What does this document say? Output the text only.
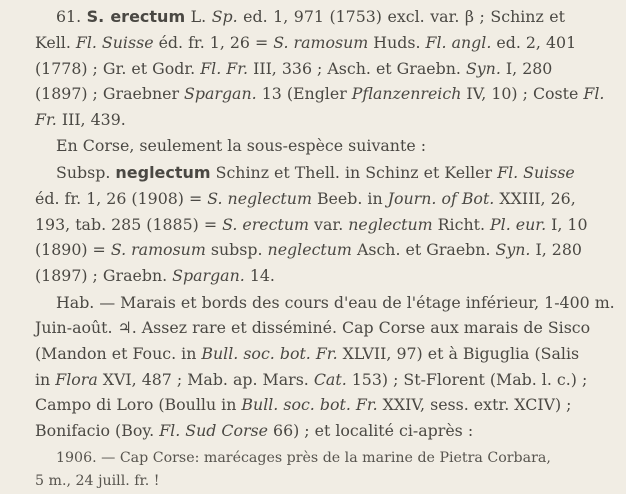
61. S. erectum L. Sp. ed. 1, 971 (1753) excl. var. β ; Schinz et
Kell. Fl. Suisse éd. fr. 1, 26 = S. ramosum Huds. Fl. angl. ed. 2, 401
(1778) ; Gr. et Godr. Fl. Fr. III, 336 ; Asch. et Graebn. Syn. I, 280
(1897) ; Graebner Spargan. 13 (Engler Pflanzenreich IV, 10) ; Coste Fl.
Fr. III, 439.
En Corse, seulement la sous-espèce suivante :
Subsp. neglectum Schinz et Thell. in Schinz et Keller Fl. Suisse
éd. fr. 1, 26 (1908) = S. neglectum Beeb. in Journ. of Bot. XXIII, 26,
193, tab. 285 (1885) = S. erectum var. neglectum Richt. Pl. eur. I, 10
(1890) = S. ramosum subsp. neglectum Asch. et Graebn. Syn. I, 280
(1897) ; Graebn. Spargan. 14.
Hab. — Marais et bords des cours d'eau de l'étage inférieur, 1-400 m.
Juin-août. ♃. Assez rare et disséminé. Cap Corse aux marais de Sisco
(Mandon et Fouc. in Bull. soc. bot. Fr. XLVII, 97) et à Biguglia (Salis
in Flora XVI, 487 ; Mab. ap. Mars. Cat. 153) ; St-Florent (Mab. l. c.) ;
Campo di Loro (Boullu in Bull. soc. bot. Fr. XXIV, sess. extr. XCIV) ;
Bonifacio (Boy. Fl. Sud Corse 66) ; et localité ci-après :
1906. — Cap Corse: marécages près de la marine de Pietra Corbara,
5 m., 24 juill. fr. !
